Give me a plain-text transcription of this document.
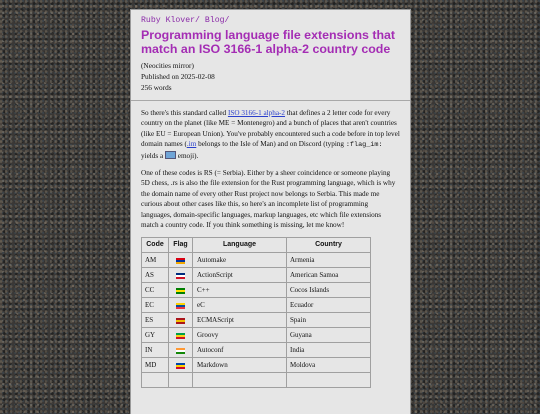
Ruby Klover/ Blog/
Programming language file extensions that match an ISO 3166-1 alpha-2 country code
(Neocities mirror)
Published on 2025-02-08
256 words

So there's this standard called ISO 3166-1 alpha-2 that defines a 2 letter code for every country on the planet (like ME = Montenegro) and a bunch of places that aren't countries (like EU = European Union). You've probably encountered such a code before in top level domain names (.im belongs to the Isle of Man) and on Discord (typing :flag_im: yields a  emoji).

One of these codes is RS (= Serbia). Either by a sheer coincidence or someone playing 5D chess, .rs is also the file extension for the Rust programming language, which is why the domain name of every other Rust project now belongs to Serbia. This made me curious about other cases like this, so here's an incomplete list of programming languages, domain-specific languages, markup languages, etc which file extensions match a country code. If you think something is missing, let me know!

Code	Flag	Language	Country
AM		Automake	Armenia
AS		ActionScript	American Samoa
CC		C++	Cocos Islands
EC		eC	Ecuador
ES		ECMAScript	Spain
GY		Groovy	Guyana
IN		Autoconf	India
MD		Markdown	Moldova
